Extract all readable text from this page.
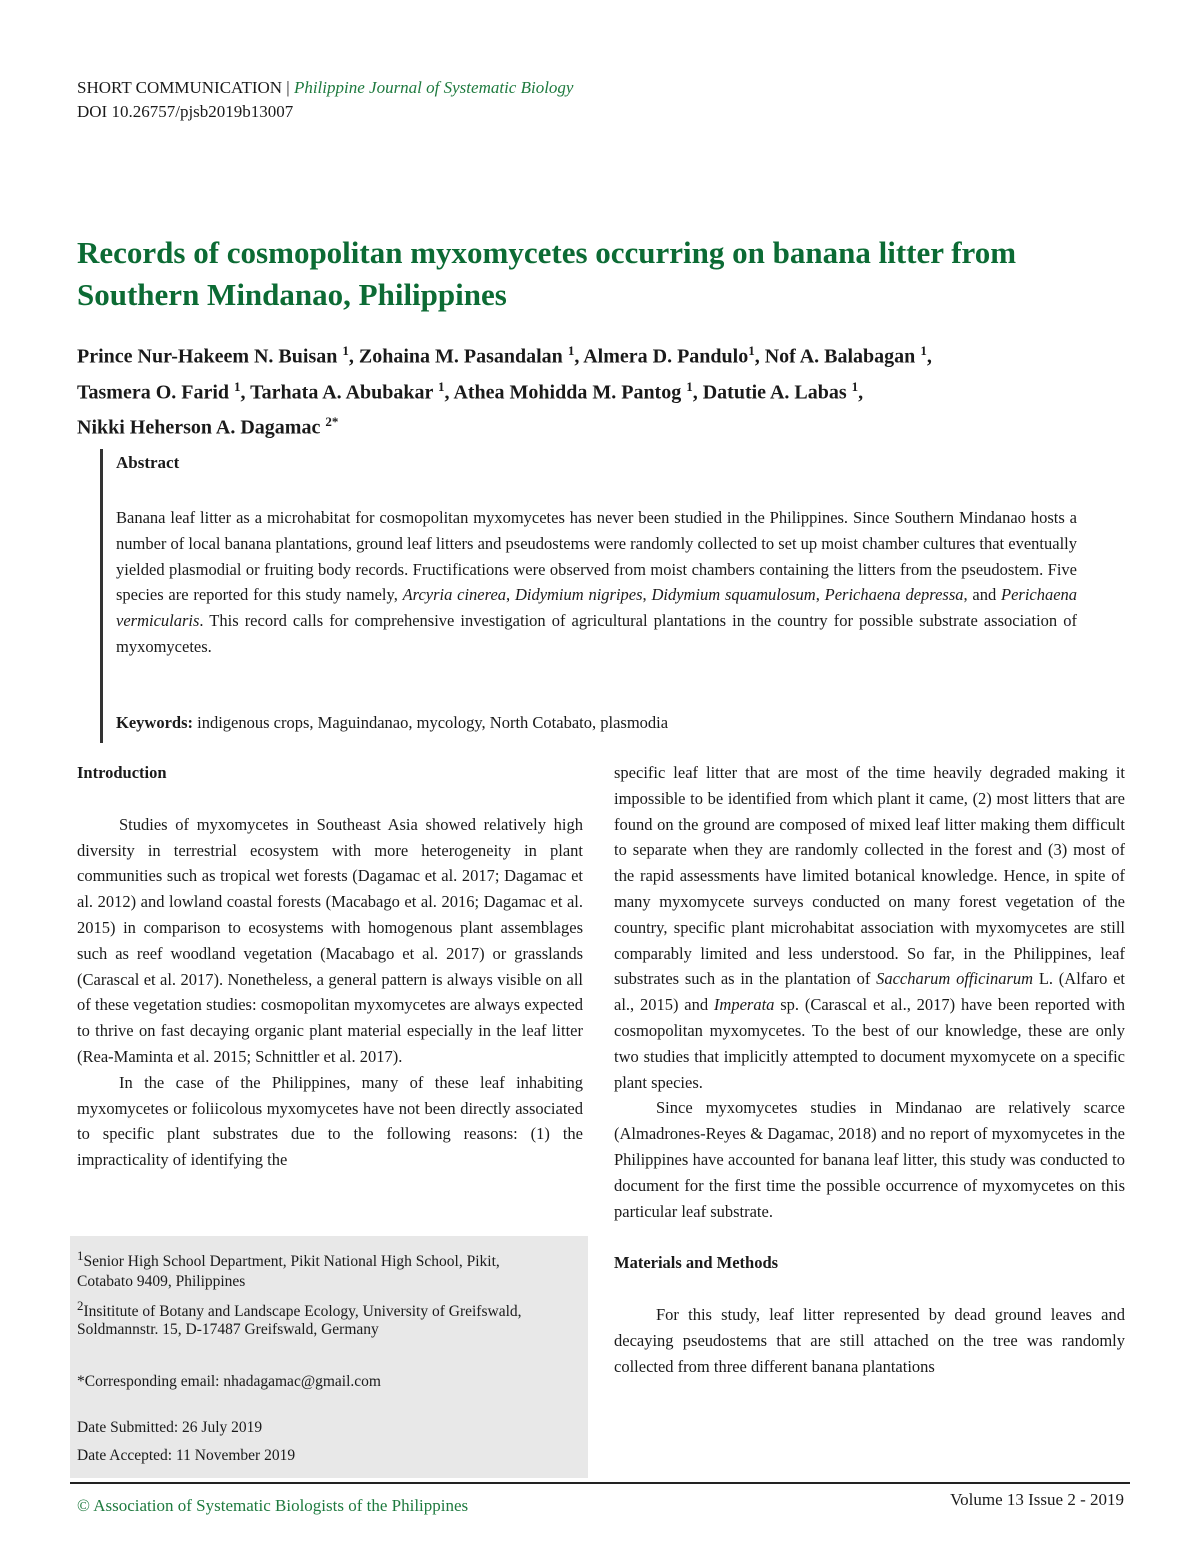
SHORT COMMUNICATION | Philippine Journal of Systematic Biology
DOI 10.26757/pjsb2019b13007
Records of cosmopolitan myxomycetes occurring on banana litter from Southern Mindanao, Philippines
Prince Nur-Hakeem N. Buisan $^1$, Zohaina M. Pasandalan $^1$, Almera D. Pandulo$^1$, Nof A. Balabagan $^1$,
Tasmera O. Farid $^1$, Tarhata A. Abubakar $^1$, Athea Mohidda M. Pantog $^1$, Datutie A. Labas $^1$,
Nikki Heherson A. Dagamac $^{2*}$
Abstract
Banana leaf litter as a microhabitat for cosmopolitan myxomycetes has never been studied in the Philippines. Since Southern Mindanao hosts a number of local banana plantations, ground leaf litters and pseudostems were randomly collected to set up moist chamber cultures that eventually yielded plasmodial or fruiting body records. Fructifications were observed from moist chambers containing the litters from the pseudostem. Five species are reported for this study namely, Arcyria cinerea, Didymium nigripes, Didymium squamulosum, Perichaena depressa, and Perichaena vermicularis. This record calls for comprehensive investigation of agricultural plantations in the country for possible substrate association of myxomycetes.
Keywords: indigenous crops, Maguindanao, mycology, North Cotabato, plasmodia
Introduction

Studies of myxomycetes in Southeast Asia showed relatively high diversity in terrestrial ecosystem with more heterogeneity in plant communities such as tropical wet forests (Dagamac et al. 2017; Dagamac et al. 2012) and lowland coastal forests (Macabago et al. 2016; Dagamac et al. 2015) in comparison to ecosystems with homogenous plant assemblages such as reef woodland vegetation (Macabago et al. 2017) or grasslands (Carascal et al. 2017). Nonetheless, a general pattern is always visible on all of these vegetation studies: cosmopolitan myxomycetes are always expected to thrive on fast decaying organic plant material especially in the leaf litter (Rea-Maminta et al. 2015; Schnittler et al. 2017).

In the case of the Philippines, many of these leaf inhabiting myxomycetes or foliicolous myxomycetes have not been directly associated to specific plant substrates due to the following reasons: (1) the impracticality of identifying the

specific leaf litter that are most of the time heavily degraded making it impossible to be identified from which plant it came, (2) most litters that are found on the ground are composed of mixed leaf litter making them difficult to separate when they are randomly collected in the forest and (3) most of the rapid assessments have limited botanical knowledge. Hence, in spite of many myxomycete surveys conducted on many forest vegetation of the country, specific plant microhabitat association with myxomycetes are still comparably limited and less understood. So far, in the Philippines, leaf substrates such as in the plantation of Saccharum officinarum L. (Alfaro et al., 2015) and Imperata sp. (Carascal et al., 2017) have been reported with cosmopolitan myxomycetes. To the best of our knowledge, these are only two studies that implicitly attempted to document myxomycete on a specific plant species.

Since myxomycetes studies in Mindanao are relatively scarce (Almadrones-Reyes & Dagamac, 2018) and no report of myxomycetes in the Philippines have accounted for banana leaf litter, this study was conducted to document for the first time the possible occurrence of myxomycetes on this particular leaf substrate.

Materials and Methods

For this study, leaf litter represented by dead ground leaves and decaying pseudostems that are still attached on the tree was randomly collected from three different banana plantations

$^1$Senior High School Department, Pikit National High School, Pikit,
Cotabato 9409, Philippines
$^2$Insititute of Botany and Landscape Ecology, University of Greifswald,
Soldmannstr. 15, D-17487 Greifswald, Germany
*Corresponding email: nhadagamac@gmail.com
Date Submitted: 26 July 2019
Date Accepted: 11 November 2019
© Association of Systematic Biologists of the Philippines	Volume 13 Issue 2 - 2019
